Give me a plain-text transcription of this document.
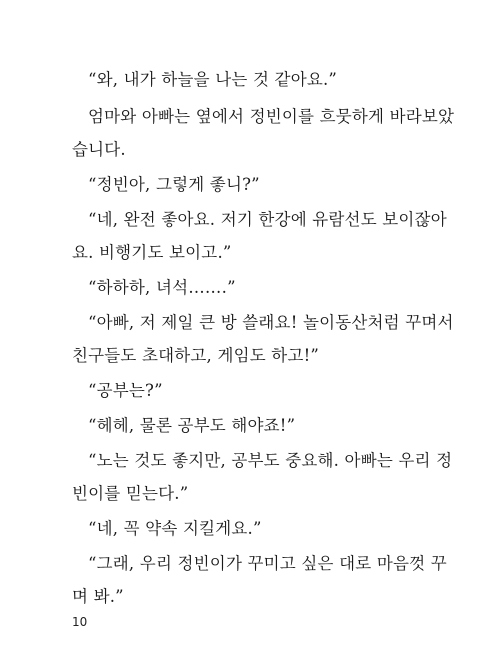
“와, 내가 하늘을 나는 것 같아요.”
엄마와 아빠는 옆에서 정빈이를 흐뭇하게 바라보았
습니다.
“정빈아, 그렇게 좋니?”
“네, 완전 좋아요. 저기 한강에 유람선도 보이잖아
요. 비행기도 보이고.”
“하하하, 녀석…….”
“아빠, 저 제일 큰 방 쓸래요! 놀이동산처럼 꾸며서
친구들도 초대하고, 게임도 하고!”
“공부는?”
“헤헤, 물론 공부도 해야죠!”
“노는 것도 좋지만, 공부도 중요해. 아빠는 우리 정
빈이를 믿는다.”
“네, 꼭 약속 지킬게요.”
“그래, 우리 정빈이가 꾸미고 싶은 대로 마음껏 꾸
며 봐.”
10
